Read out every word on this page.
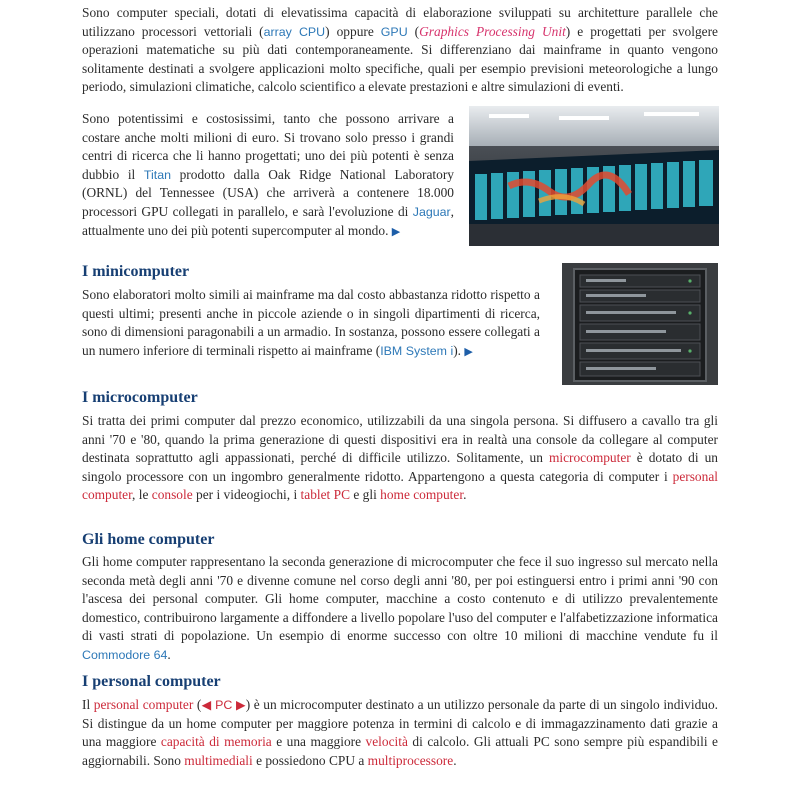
Sono computer speciali, dotati di elevatissima capacità di elaborazione sviluppati su architetture parallele che utilizzano processori vettoriali (array CPU) oppure GPU (Graphics Processing Unit) e progettati per svolgere operazioni matematiche su più dati contemporaneamente. Si differenziano dai mainframe in quanto vengono solitamente destinati a svolgere applicazioni molto specifiche, quali per esempio previsioni meteorologiche a lungo periodo, simulazioni climatiche, calcolo scientifico a elevate prestazioni e altre simulazioni di eventi.
Sono potentissimi e costosissimi, tanto che possono arrivare a costare anche molti milioni di euro. Si trovano solo presso i grandi centri di ricerca che li hanno progettati; uno dei più potenti è senza dubbio il Titan prodotto dalla Oak Ridge National Laboratory (ORNL) del Tennessee (USA) che arriverà a contenere 18.000 processori GPU collegati in parallelo, e sarà l'evoluzione di Jaguar, attualmente uno dei più potenti supercomputer al mondo. ▶
I minicomputer
Sono elaboratori molto simili ai mainframe ma dal costo abbastanza ridotto rispetto a questi ultimi; presenti anche in piccole aziende o in singoli dipartimenti di ricerca, sono di dimensioni paragonabili a un armadio. In sostanza, possono essere collegati a un numero inferiore di terminali rispetto ai mainframe (IBM System i). ▶
I microcomputer
Si tratta dei primi computer dal prezzo economico, utilizzabili da una singola persona. Si diffusero a cavallo tra gli anni '70 e '80, quando la prima generazione di questi dispositivi era in realtà una console da collegare al computer destinata soprattutto agli appassionati, perché di difficile utilizzo. Solitamente, un microcomputer è dotato di un singolo processore con un ingombro generalmente ridotto. Appartengono a questa categoria di computer i personal computer, le console per i videogiochi, i tablet PC e gli home computer.
Gli home computer
Gli home computer rappresentano la seconda generazione di microcomputer che fece il suo ingresso sul mercato nella seconda metà degli anni '70 e divenne comune nel corso degli anni '80, per poi estinguersi entro i primi anni '90 con l'ascesa dei personal computer. Gli home computer, macchine a costo contenuto e di utilizzo prevalentemente domestico, contribuirono largamente a diffondere a livello popolare l'uso del computer e l'alfabetizzazione informatica di vasti strati di popolazione. Un esempio di enorme successo con oltre 10 milioni di macchine vendute fu il Commodore 64.
I personal computer
Il personal computer (◀ PC ▶) è un microcomputer destinato a un utilizzo personale da parte di un singolo individuo. Si distingue da un home computer per maggiore potenza in termini di calcolo e di immagazzinamento dati grazie a una maggiore capacità di memoria e una maggiore velocità di calcolo. Gli attuali PC sono sempre più espandibili e aggiornabili. Sono multimediali e possiedono CPU a multiprocessore.
